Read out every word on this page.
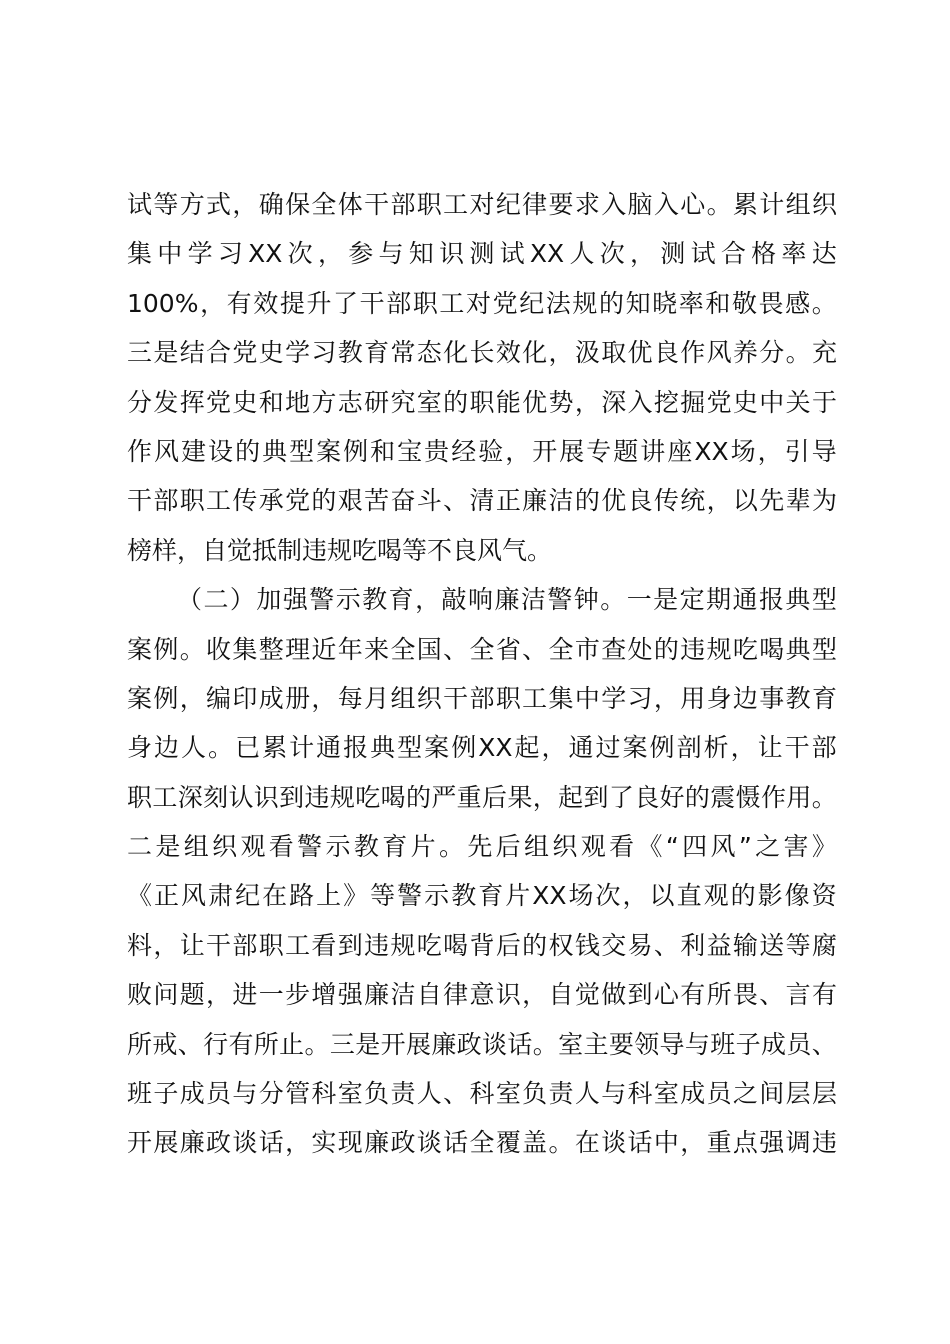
试 等 方 式 ， 确 保 全 体 干 部 职 工 对 纪 律 要 求 入 脑 入 心 。 累 计 组 织
集 中 学 习 XX 次 ， 参 与 知 识 测 试 XX 人 次 ， 测 试 合 格 率 达
100% ， 有 效 提 升 了 干 部 职 工 对 党 纪 法 规 的 知 晓 率 和 敬 畏 感 。
三 是 结 合 党 史 学 习 教 育 常 态 化 长 效 化 ， 汲 取 优 良 作 风 养 分 。 充
分 发 挥 党 史 和 地 方 志 研 究 室 的 职 能 优 势 ， 深 入 挖 掘 党 史 中 关 于
作 风 建 设 的 典 型 案 例 和 宝 贵 经 验 ， 开 展 专 题 讲 座 XX 场 ， 引 导
干 部 职 工 传 承 党 的 艰 苦 奋 斗 、 清 正 廉 洁 的 优 良 传 统 ， 以 先 辈 为
榜样，自觉抵制违规吃喝等不良风气。
（ 二 ） 加 强 警 示 教 育 ， 敲 响 廉 洁 警 钟 。 一 是 定 期 通 报 典 型
案 例 。 收 集 整 理 近 年 来 全 国 、 全 省 、 全 市 查 处 的 违 规 吃 喝 典 型
案 例 ， 编 印 成 册 ， 每 月 组 织 干 部 职 工 集 中 学 习 ， 用 身 边 事 教 育
身 边 人 。 已 累 计 通 报 典 型 案 例 XX 起 ， 通 过 案 例 剖 析 ， 让 干 部
职 工 深 刻 认 识 到 违 规 吃 喝 的 严 重 后 果 ， 起 到 了 良 好 的 震 慑 作 用 。
二 是 组 织 观 看 警 示 教 育 片 。 先 后 组 织 观 看 《 “ 四 风 ” 之 害 》
《 正 风 肃 纪 在 路 上 》 等 警 示 教 育 片 XX 场 次 ， 以 直 观 的 影 像 资
料 ， 让 干 部 职 工 看 到 违 规 吃 喝 背 后 的 权 钱 交 易 、 利 益 输 送 等 腐
败 问 题 ， 进 一 步 增 强 廉 洁 自 律 意 识 ， 自 觉 做 到 心 有 所 畏 、 言 有
所 戒 、 行 有 所 止 。 三 是 开 展 廉 政 谈 话 。 室 主 要 领 导 与 班 子 成 员 、
班 子 成 员 与 分 管 科 室 负 责 人 、 科 室 负 责 人 与 科 室 成 员 之 间 层 层
开 展 廉 政 谈 话 ， 实 现 廉 政 谈 话 全 覆 盖 。 在 谈 话 中 ， 重 点 强 调 违
